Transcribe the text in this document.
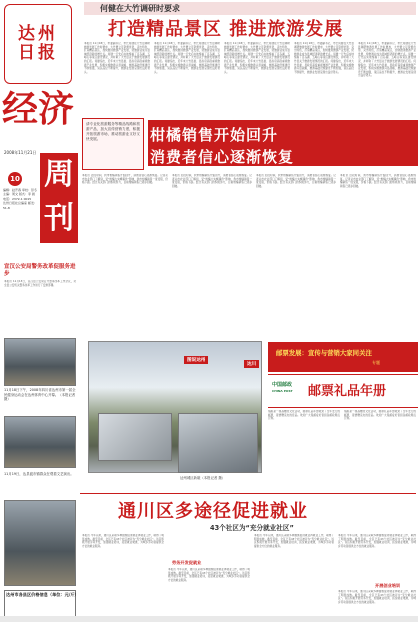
达州
日报
经济
周
刊
2008年11月21日
10
编辑：赵开春 审校：彭冬 主编：周文 版式：李 晨
电话：2372-1 0015
达州日报社总编室 邮发：51-8
何健在大竹调研时要求
打造精品景区 推进旅游发展
本报讯 11月18日，市委副书记、市长何健在大竹县调研旅游发展工作时要求，大竹要立足资源优势，突出特色，打造精品景区，加快推进旅游产业发展，使旅游业成为县域经济新的增长点。何健一行先后实地察看了百岛湖、五峰山等景区建设情况，并听取了大竹县关于旅游发展情况的汇报。何健指出，近年来大竹县委、县政府高度重视旅游产业发展，积极实施旅游兴县战略，旅游基础设施建设不断加强，景区品位不断提升，旅游业发展呈现出良好势头。
本报讯 11月18日，市委副书记、市长何健在大竹县调研旅游发展工作时要求，大竹要立足资源优势，突出特色，打造精品景区，加快推进旅游产业发展，使旅游业成为县域经济新的增长点。何健一行先后实地察看了百岛湖、五峰山等景区建设情况，并听取了大竹县关于旅游发展情况的汇报。何健指出，近年来大竹县委、县政府高度重视旅游产业发展，积极实施旅游兴县战略，旅游基础设施建设不断加强，景区品位不断提升，旅游业发展呈现出良好势头。
本报讯 11月18日，市委副书记、市长何健在大竹县调研旅游发展工作时要求，大竹要立足资源优势，突出特色，打造精品景区，加快推进旅游产业发展，使旅游业成为县域经济新的增长点。何健一行先后实地察看了百岛湖、五峰山等景区建设情况，并听取了大竹县关于旅游发展情况的汇报。何健指出，近年来大竹县委、县政府高度重视旅游产业发展，积极实施旅游兴县战略，旅游基础设施建设不断加强，景区品位不断提升，旅游业发展呈现出良好势头。
本报讯 11月18日，市委副书记、市长何健在大竹县调研旅游发展工作时要求，大竹要立足资源优势，突出特色，打造精品景区，加快推进旅游产业发展，使旅游业成为县域经济新的增长点。何健一行先后实地察看了百岛湖、五峰山等景区建设情况，并听取了大竹县关于旅游发展情况的汇报。何健指出，近年来大竹县委、县政府高度重视旅游产业发展，积极实施旅游兴县战略，旅游基础设施建设不断加强，景区品位不断提升，旅游业发展呈现出良好势头。
本报讯 11月18日，市委副书记、市长何健在大竹县调研旅游发展工作时要求，大竹要立足资源优势，突出特色，打造精品景区，加快推进旅游产业发展，使旅游业成为县域经济新的增长点。何健一行先后实地察看了百岛湖、五峰山等景区建设情况，并听取了大竹县关于旅游发展情况的汇报。何健指出，近年来大竹县委、县政府高度重视旅游产业发展，积极实施旅游兴县战略，旅游基础设施建设不断加强，景区品位不断提升，旅游业发展呈现出良好势头。
请专业化旅游服务等精品线路和旅游产品，加大宣传营销力度，积极开拓旅游市场，推动旅游业又好又快发展。	柑橘销售开始回升
消费者信心逐渐恢复
本报讯 近段时间，我市柑橘销售开始回升，消费者信心逐渐恢复。记者从市农业部门了解到，受“柑橘大实蝇事件”影响，我市柑橘销售一度受阻，价格下跌。经过有关部门的积极努力，目前柑橘销售已逐步回暖。
本报讯 近段时间，我市柑橘销售开始回升，消费者信心逐渐恢复。记者从市农业部门了解到，受“柑橘大实蝇事件”影响，我市柑橘销售一度受阻，价格下跌。经过有关部门的积极努力，目前柑橘销售已逐步回暖。
本报讯 近段时间，我市柑橘销售开始回升，消费者信心逐渐恢复。记者从市农业部门了解到，受“柑橘大实蝇事件”影响，我市柑橘销售一度受阻，价格下跌。经过有关部门的积极努力，目前柑橘销售已逐步回暖。
本报讯 近段时间，我市柑橘销售开始回升，消费者信心逐渐恢复。记者从市农业部门了解到，受“柑橘大实蝇事件”影响，我市柑橘销售一度受阻，价格下跌。经过有关部门的积极努力，目前柑橘销售已逐步回暖。
宣汉公安局警务改革促服务进步
本报讯 11月13日，宣汉县公安局召开警务改革工作会议，对全县公安机关警务改革工作进行了安排部署。
11月18日下午，2008年四川省达州市第一届全民健身运动会在达州体育中心开幕。（本报记者 摄）
11月19日，达县渡市镇群众在观看文艺演出。
达州市各县区价格信息（单位：元/斤）
图说达州
达川
达州城区新貌（本报记者 摄）
邮票发展：宣传与营销大家同关注
专题
中国邮政
CHINA POST	邮票礼品年册
集邮是一项高雅的文化活动，邮票礼品年册收录了全年发行的邮票，是馈赠亲友的佳品。欢迎广大集邮爱好者到各邮政网点订购。
集邮是一项高雅的文化活动，邮票礼品年册收录了全年发行的邮票，是馈赠亲友的佳品。欢迎广大集邮爱好者到各邮政网点订购。
通川区多途径促进就业
43个社区为“充分就业社区”
本报讯 今年以来，通川区采取多种措施促进就业再就业工作，取得了明显成效。截至目前，全区已有43个社区被评为“充分就业社区”。该区积极开展劳务开发，加强就业培训，拓宽就业渠道，为城乡劳动者提供全方位的就业服务。
劳务开发促就业
本报讯 今年以来，通川区采取多种措施促进就业再就业工作，取得了明显成效。截至目前，全区已有43个社区被评为“充分就业社区”。该区积极开展劳务开发，加强就业培训，拓宽就业渠道，为城乡劳动者提供全方位的就业服务。
本报讯 今年以来，通川区采取多种措施促进就业再就业工作，取得了明显成效。截至目前，全区已有43个社区被评为“充分就业社区”。该区积极开展劳务开发，加强就业培训，拓宽就业渠道，为城乡劳动者提供全方位的就业服务。
本报讯 今年以来，通川区采取多种措施促进就业再就业工作，取得了明显成效。截至目前，全区已有43个社区被评为“充分就业社区”。该区积极开展劳务开发，加强就业培训，拓宽就业渠道，为城乡劳动者提供全方位的就业服务。
开展创业培训
本报讯 今年以来，通川区采取多种措施促进就业再就业工作，取得了明显成效。截至目前，全区已有43个社区被评为“充分就业社区”。该区积极开展劳务开发，加强就业培训，拓宽就业渠道，为城乡劳动者提供全方位的就业服务。
